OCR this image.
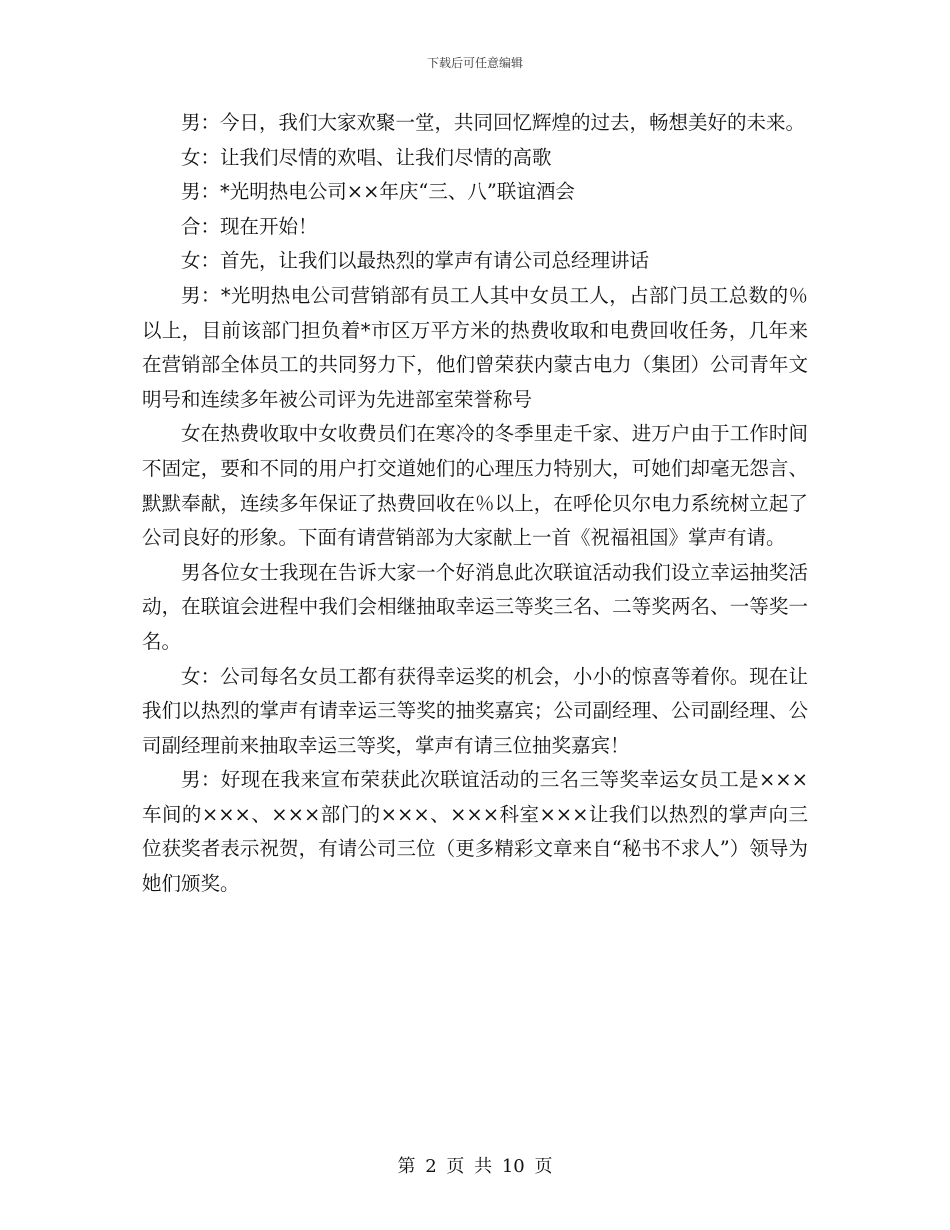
下载后可任意编辑

男：今日，我们大家欢聚一堂，共同回忆辉煌的过去，畅想美好的未来。

女：让我们尽情的欢唱、让我们尽情的高歌

男：*光明热电公司××年庆“三、八”联谊酒会

合：现在开始！

女：首先，让我们以最热烈的掌声有请公司总经理讲话

男：*光明热电公司营销部有员工人其中女员工人，占部门员工总数的％以上，目前该部门担负着*市区万平方米的热费收取和电费回收任务，几年来在营销部全体员工的共同努力下，他们曾荣获内蒙古电力（集团）公司青年文明号和连续多年被公司评为先进部室荣誉称号

女在热费收取中女收费员们在寒冷的冬季里走千家、进万户由于工作时间不固定，要和不同的用户打交道她们的心理压力特别大，可她们却毫无怨言、默默奉献，连续多年保证了热费回收在％以上，在呼伦贝尔电力系统树立起了公司良好的形象。下面有请营销部为大家献上一首《祝福祖国》掌声有请。

男各位女士我现在告诉大家一个好消息此次联谊活动我们设立幸运抽奖活动，在联谊会进程中我们会相继抽取幸运三等奖三名、二等奖两名、一等奖一名。

女：公司每名女员工都有获得幸运奖的机会，小小的惊喜等着你。现在让我们以热烈的掌声有请幸运三等奖的抽奖嘉宾；公司副经理、公司副经理、公司副经理前来抽取幸运三等奖，掌声有请三位抽奖嘉宾！

男：好现在我来宣布荣获此次联谊活动的三名三等奖幸运女员工是×××车间的×××、×××部门的×××、×××科室×××让我们以热烈的掌声向三位获奖者表示祝贺，有请公司三位（更多精彩文章来自“秘书不求人”）领导为她们颁奖。

第 2 页 共 10 页
